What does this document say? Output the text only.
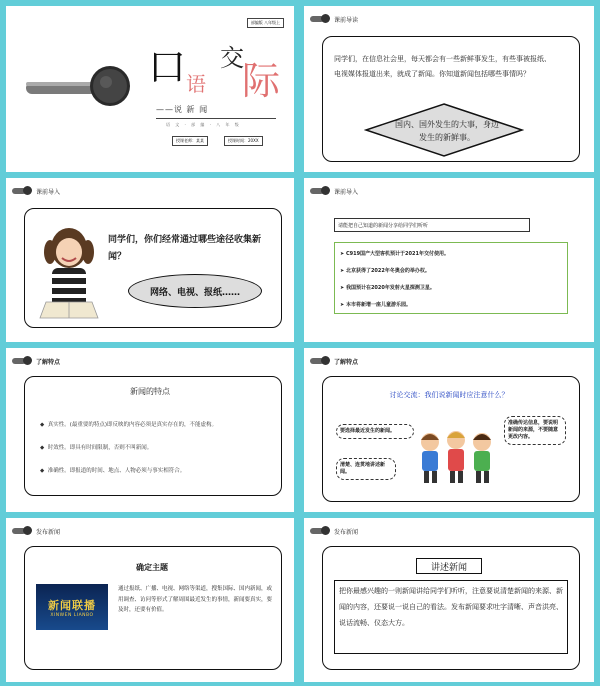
部编版 八年级上
口 语
交
际
——说 新 闻
语 文 · 部 编 · 八 年 级
授课老师：某某	授课时间：20XX
课前导读
同学们，在信息社会里，每天都会有一些新鲜事发生，有些事被报纸、电视媒体报道出来，就成了新闻。你知道新闻包括哪些事情吗？
国内、国外发生的大事，身边发生的新鲜事。
课前导入
同学们，你们经常通过哪些途径收集新闻？
网络、电视、报纸……
课前导入
请能把自己知道的新闻分享给同学们听听
➤ C919国产大型客机预计于2021年交付使用。
➤ 北京获得了2022年冬奥会的举办权。
➤ 我国预计在2020年发射火星探测卫星。
➤ 本市将新增一座儿童游乐园。
了解特点
新闻的特点
◆  真实性。(最重要的特点)即反映的内容必须是真实存在的，不能虚构。
◆  时效性。即具有时间限制，否则不叫新闻。
◆  准确性。即报道的时间、地点、人物必须与事实相符合。
了解特点
讨论交流：我们说新闻时应注意什么？
要选择最近发生的新闻。
准确传达信息，要说明新闻的来源，不要随意更改内容。
清楚、连贯地讲述新闻。
发布新闻
确定主题
新闻联播
XINWEN LIANBO
通过报纸、广播、电视、网络等渠道，搜集国际、国内新闻，或用调查、访问等形式了解周围最近发生的事情，新闻要真实，要及时，还要有价值。
发布新闻
讲述新闻
把你最感兴趣的一则新闻讲给同学们听听，注意要说清楚新闻的来源、新闻的内容，还要说一说自己的看法。发布新闻要求吐字清晰、声音洪亮、说话流畅、仪态大方。
